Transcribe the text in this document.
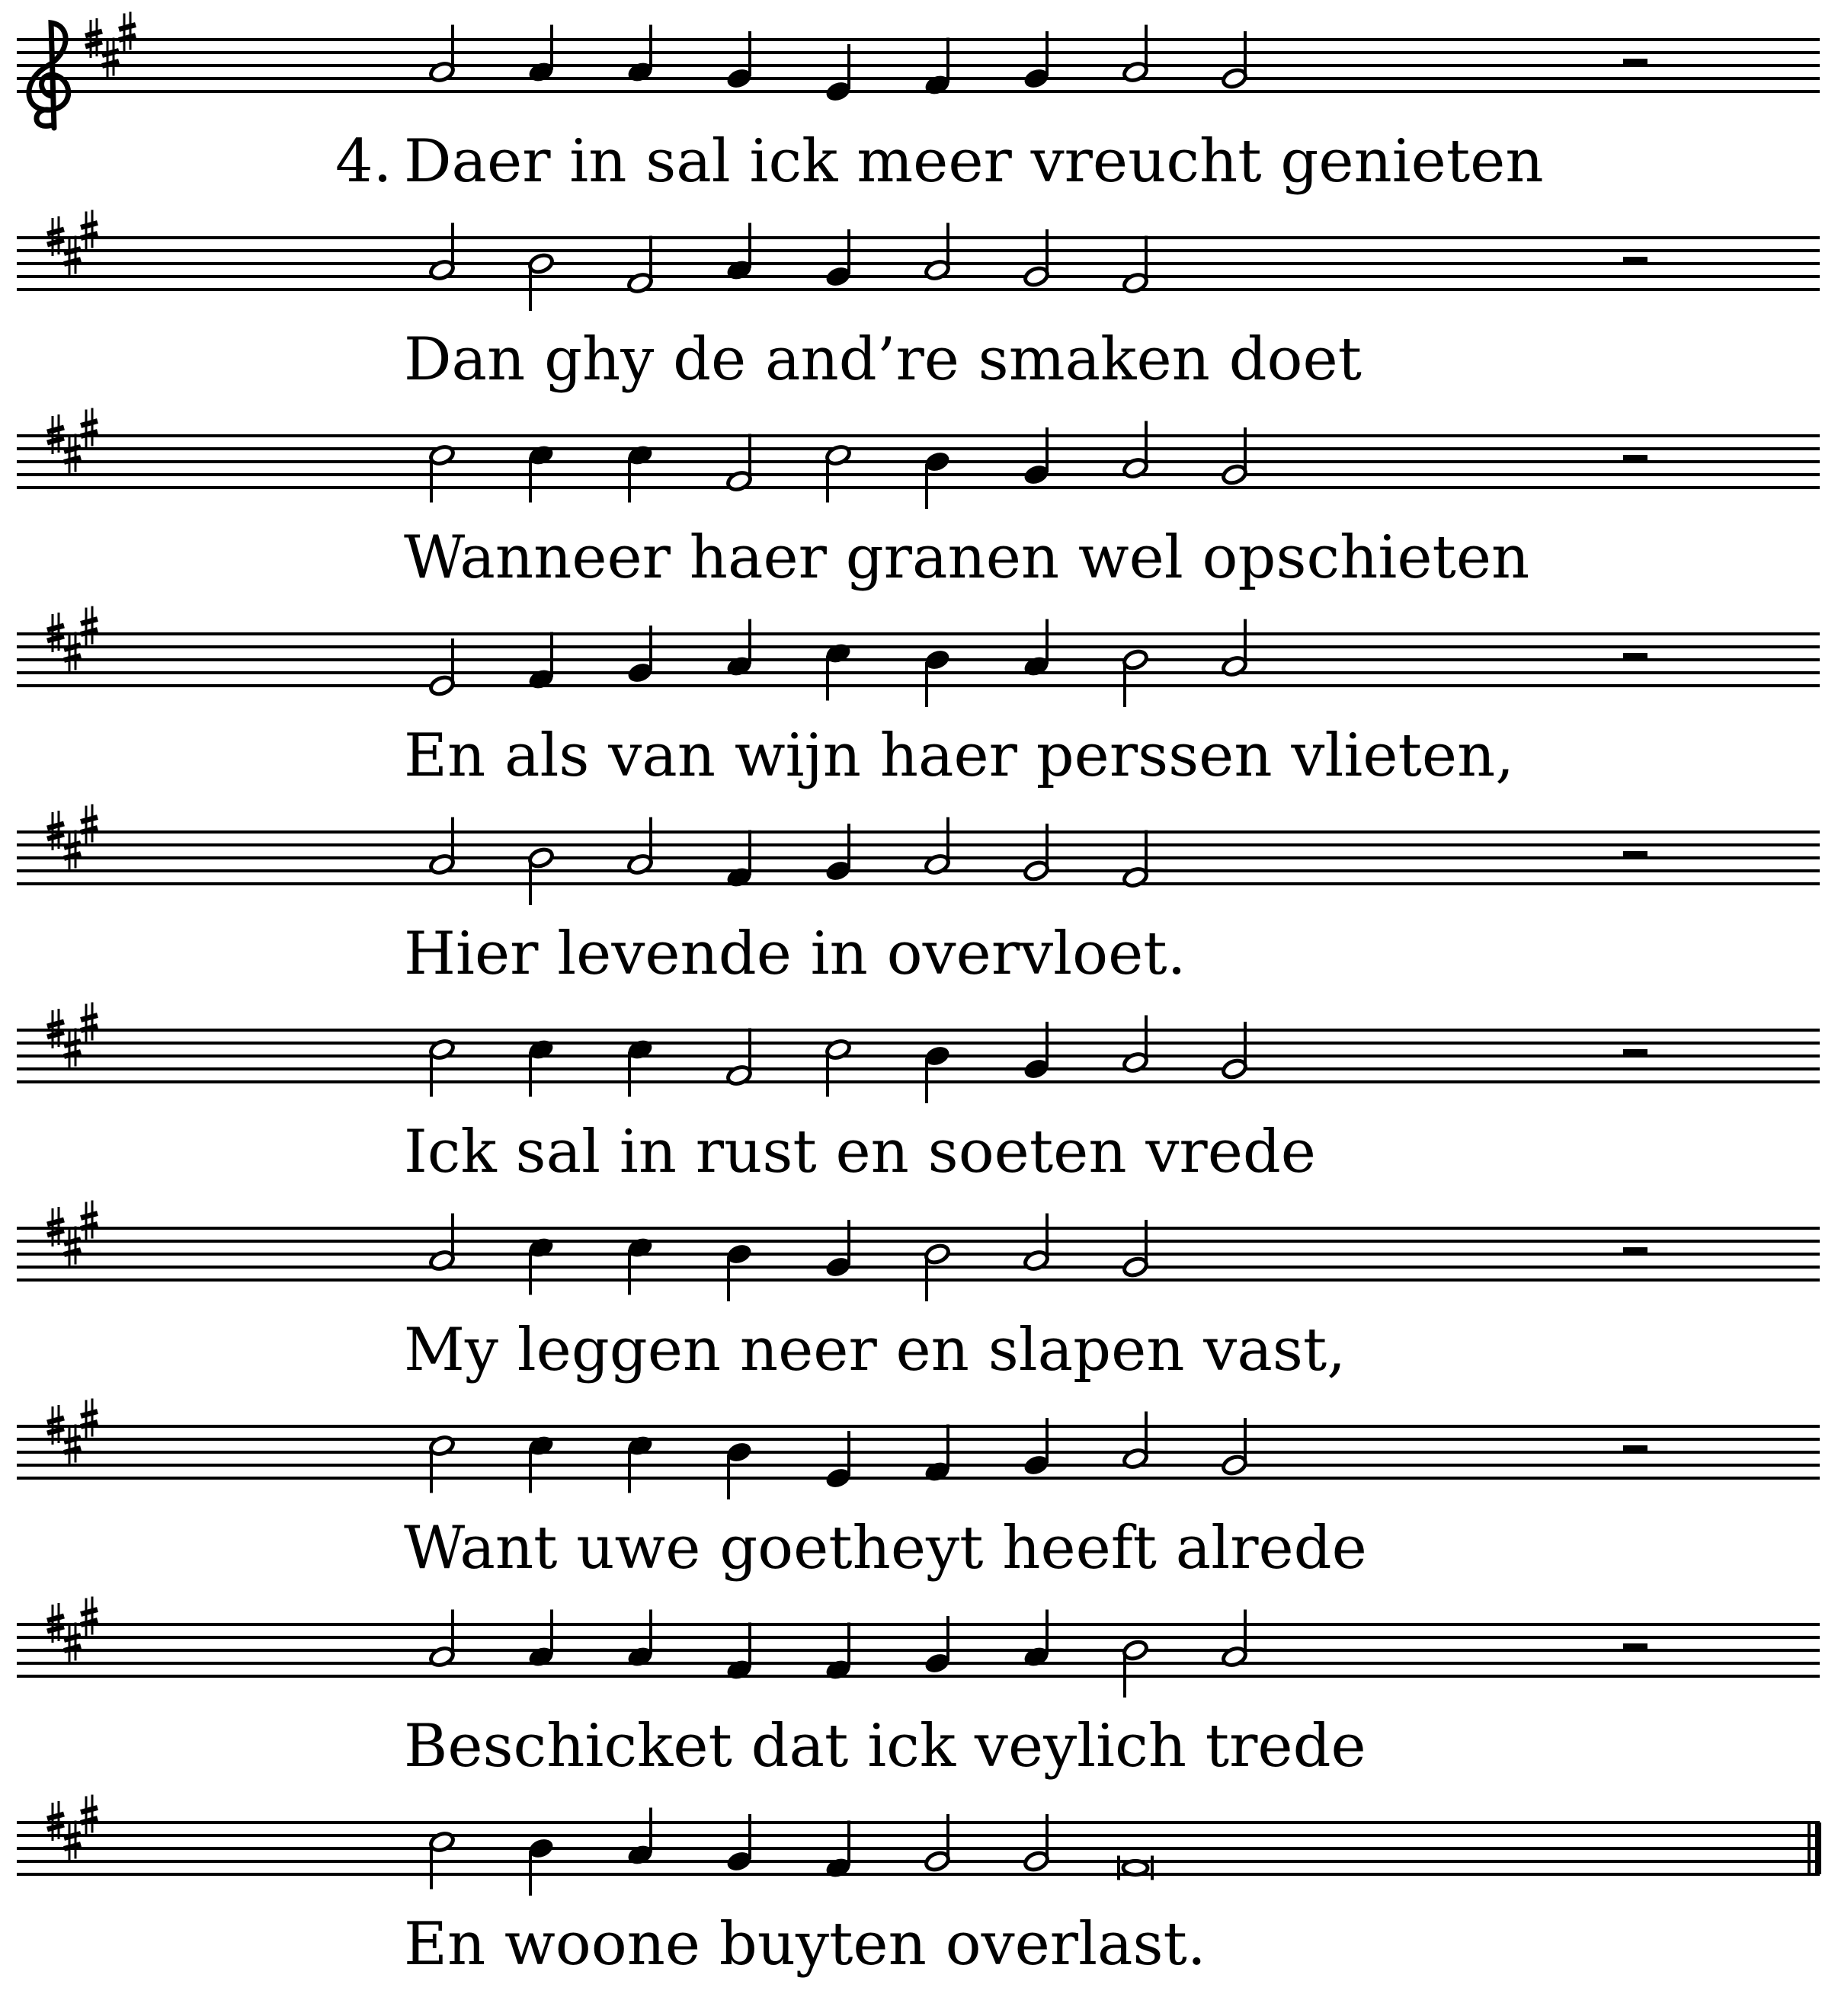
4. Daer in sal ick meer vreucht genieten
Dan ghy de and’re smaken doet
Wanneer haer granen wel opschieten
En als van wijn haer perssen vlieten,
Hier levende in overvloet.
Ick sal in rust en soeten vrede
My leggen neer en slapen vast,
Want uwe goetheyt heeft alrede
Beschicket dat ick veylich trede
En woone buyten overlast.
